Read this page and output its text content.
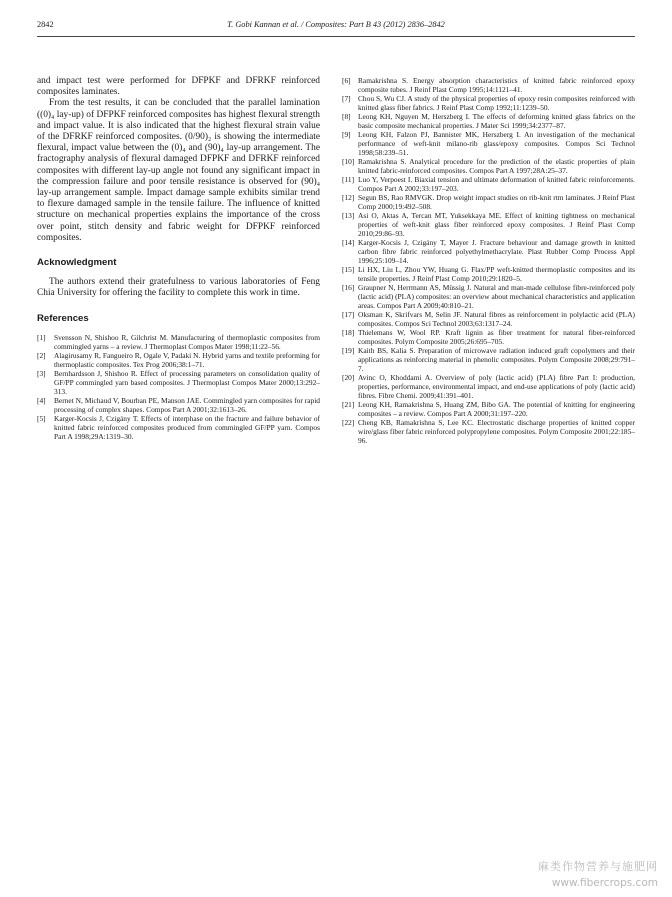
2842	T. Gobi Kannan et al. / Composites: Part B 43 (2012) 2836–2842

and impact test were performed for DFPKF and DFRKF reinforced composites laminates.

From the test results, it can be concluded that the parallel lamination ((0)₄ lay-up) of DFPKF reinforced composites has highest flexural strength and impact value. It is also indicated that the highest flexural strain value of the DFRKF reinforced composites. (0/90)₂ is showing the intermediate flexural, impact value between the (0)₄ and (90)₄ lay-up arrangement. The fractography analysis of flexural damaged DFPKF and DFRKF reinforced composites with different lay-up angle not found any significant impact in the compression failure and poor tensile resistance is observed for (90)₄ lay-up arrangement sample. Impact damage sample exhibits similar trend to flexure damaged sample in the tensile failure. The influence of knitted structure on mechanical properties explains the importance of the cross over point, stitch density and fabric weight for DFPKF reinforced composites.

Acknowledgment

The authors extend their gratefulness to various laboratories of Feng Chia University for offering the facility to complete this work in time.

References

[1] Svensson N, Shishoo R, Gilchrist M. Manufacturing of thermoplastic composites from commingled yarns – a review. J Thermoplast Compos Mater 1998;11:22–56.
[2] Alagirusamy R, Fangueiro R, Ogale V, Padaki N. Hybrid yarns and textile preforming for thermoplastic composites. Tex Prog 2006;38:1–71.
[3] Bernhardsson J, Shishoo R. Effect of processing parameters on consolidation quality of GF/PP commingled yarn based composites. J Thermoplast Compos Mater 2000;13:292–313.
[4] Bernet N, Michaud V, Bourban PE, Manson JAE. Commingled yarn composites for rapid processing of complex shapes. Compos Part A 2001;32:1613–26.
[5] Karger-Kocsis J, Czigány T. Effects of interphase on the fracture and failure behavior of knitted fabric reinforced composites produced from commingled GF/PP yarn. Compos Part A 1998;29A:1319–30.
[6] Ramakrishna S. Energy absorption characteristics of knitted fabric reinforced epoxy composite tubes. J Reinf Plast Comp 1995;14:1121–41.
[7] Chou S, Wu CJ. A study of the physical properties of epoxy resin composites reinforced with knitted glass fiber fabrics. J Reinf Plast Comp 1992;11:1239–50.
[8] Leong KH, Nguyen M, Herszberg I. The effects of deforming knitted glass fabrics on the basic composite mechanical properties. J Mater Sci 1999;34:2377–87.
[9] Leong KH, Falzon PJ, Bannister MK, Herszberg I. An investigation of the mechanical performance of weft-knit milano-rib glass/epoxy composites. Compos Sci Technol 1998;58:239–51.
[10] Ramakrishna S. Analytical procedure for the prediction of the elastic properties of plain knitted fabric-reinforced composites. Compos Part A 1997;28A:25–37.
[11] Luo Y, Verpoest I. Biaxial tension and ultimate deformation of knitted fabric reinforcements. Compos Part A 2002;33:197–203.
[12] Segun BS, Rao RMVGK. Drop weight impact studies on rib-knit rtm laminates. J Reinf Plast Comp 2000;19:492–508.
[13] Asi O, Aktas A, Tercan MT, Yuksekkaya ME. Effect of knitting tightness on mechanical properties of weft-knit glass fiber reinforced epoxy composites. J Reinf Plast Comp 2010;29:86–93.
[14] Karger-Kocsis J, Czigány T, Mayer J. Fracture behaviour and damage growth in knitted carbon fibre fabric reinforced polyethylmethacrylate. Plast Rubber Comp Process Appl 1996;25:109–14.
[15] Li HX, Liu L, Zhou YW, Huang G. Flax/PP weft-knitted thermoplastic composites and its tensile properties. J Reinf Plast Comp 2010;29:1820–5.
[16] Graupner N, Herrmann AS, Müssig J. Natural and man-made cellulose fibre-reinforced poly (lactic acid) (PLA) composites: an overview about mechanical characteristics and application areas. Compos Part A 2009;40:810–21.
[17] Oksman K, Skrifvars M, Selin JF. Natural fibres as reinforcement in polylactic acid (PLA) composites. Compos Sci Technol 2003;63:1317–24.
[18] Thielemans W, Wool RP. Kraft lignin as fiber treatment for natural fiber-reinforced composites. Polym Composite 2005;26:695–705.
[19] Kaith BS, Kalia S. Preparation of microwave radiation induced graft copolymers and their applications as reinforcing material in phenolic composites. Polym Composite 2008;29:791–7.
[20] Avinc O, Khoddami A. Overview of poly (lactic acid) (PLA) fibre Part I: production, properties, performance, environmental impact, and end-use applications of poly (lactic acid) fibres. Fibre Chemi. 2009;41:391–401.
[21] Leong KH, Ramakrishna S, Huang ZM, Bibo GA. The potential of knitting for engineering composites – a review. Compos Part A 2000;31:197–220.
[22] Cheng KB, Ramakrishna S, Lee KC. Electrostatic discharge properties of knitted copper wire/glass fiber fabric reinforced polypropylene composites. Polym Composite 2001;22:185–96.
麻类作物营养与施肥网
www.fibercrops.com
